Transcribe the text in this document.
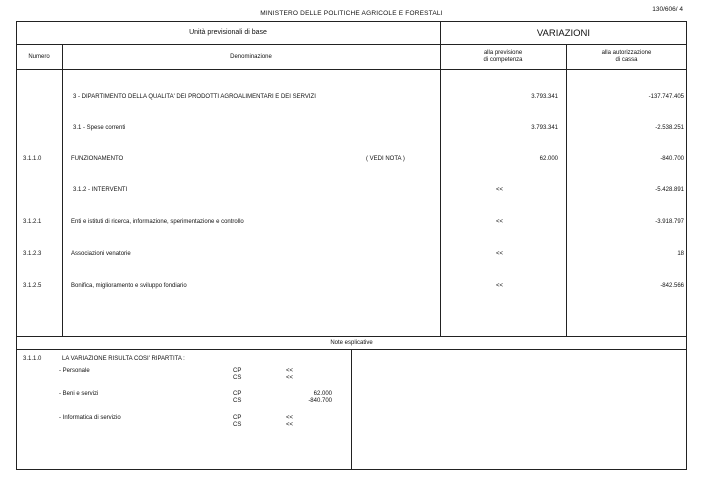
MINISTERO DELLE POLITICHE AGRICOLE E FORESTALI
130/606/ 4
Unità previsionali di base	VARIAZIONI
Numero	Denominazione
alla previsione
di competenza
alla autorizzazione
di cassa
3 - DIPARTIMENTO DELLA QUALITA' DEI PRODOTTI AGROALIMENTARI E DEI SERVIZI	3.793.341	-137.747.405
3.1 - Spese correnti	3.793.341	-2.538.251
3.1.1.0	FUNZIONAMENTO	( VEDI NOTA )	62.000	-840.700
3.1.2 - INTERVENTI	<<	-5.428.891
3.1.2.1	Enti e istituti di ricerca, informazione, sperimentazione e controllo	<<	-3.918.797
3.1.2.3	Associazioni venatorie	<<	18
3.1.2.5	Bonifica, miglioramento e sviluppo fondiario	<<	-842.566
Note esplicative
3.1.1.0	LA VARIAZIONE RISULTA COSI' RIPARTITA :
- Personale	CP	<<
CS	<<
- Beni e servizi	CP	62.000
CS	-840.700
- Informatica di servizio	CP	<<
CS	<<
